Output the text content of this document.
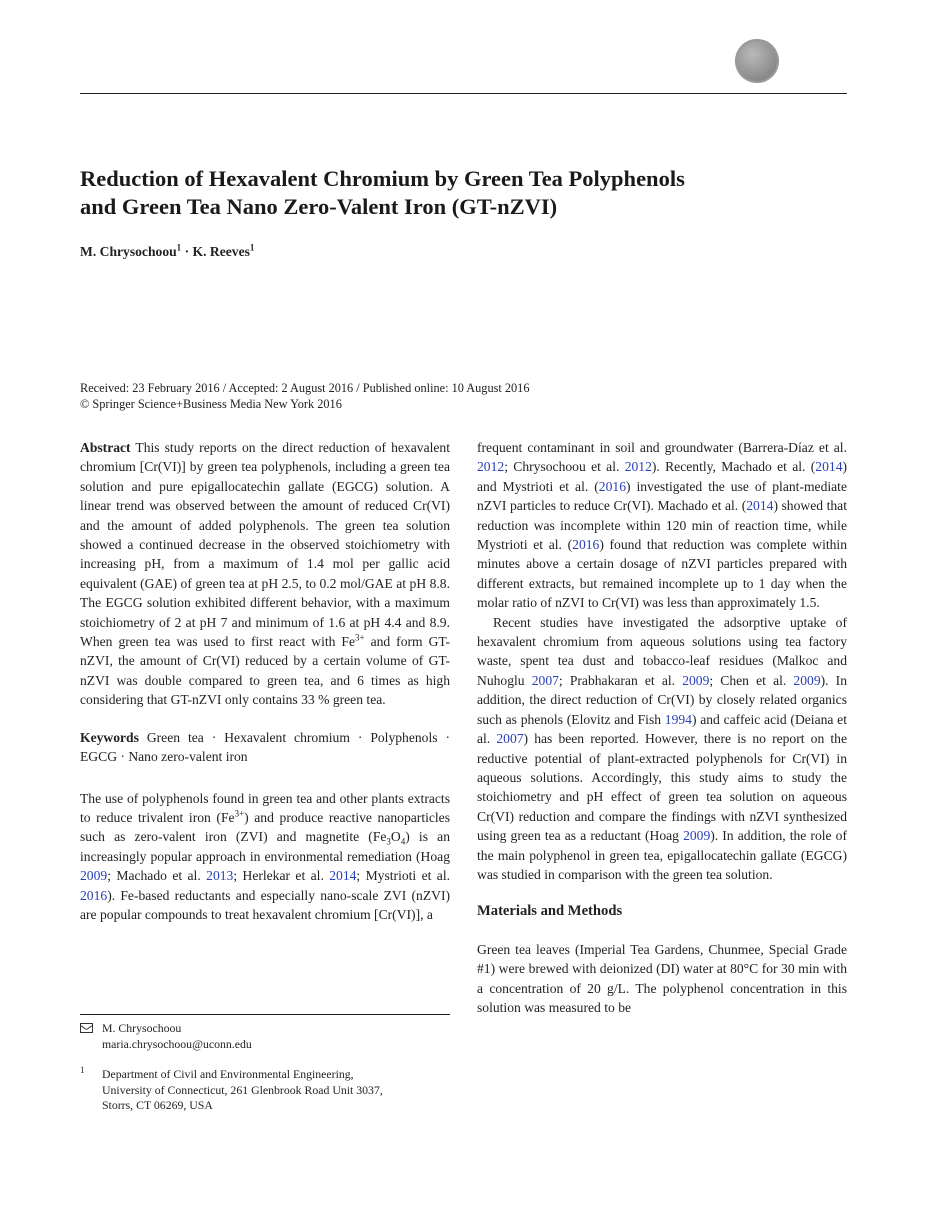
Reduction of Hexavalent Chromium by Green Tea Polyphenols
and Green Tea Nano Zero-Valent Iron (GT-nZVI)
M. Chrysochoou$^1$ · K. Reeves$^1$
Received: 23 February 2016 / Accepted: 2 August 2016 / Published online: 10 August 2016
© Springer Science+Business Media New York 2016

Abstract This study reports on the direct reduction of hexavalent chromium [Cr(VI)] by green tea polyphenols, including a green tea solution and pure epigallocatechin gallate (EGCG) solution. A linear trend was observed between the amount of reduced Cr(VI) and the amount of added polyphenols. The green tea solution showed a continued decrease in the observed stoichiometry with increasing pH, from a maximum of 1.4 mol per gallic acid equivalent (GAE) of green tea at pH 2.5, to 0.2 mol/GAE at pH 8.8. The EGCG solution exhibited different behavior, with a maximum stoichiometry of 2 at pH 7 and minimum of 1.6 at pH 4.4 and 8.9. When green tea was used to first react with $Fe^{3+}$ and form GT-nZVI, the amount of Cr(VI) reduced by a certain volume of GT-nZVI was double compared to green tea, and 6 times as high considering that GT-nZVI only contains 33 % green tea.

Keywords Green tea · Hexavalent chromium · Polyphenols · EGCG · Nano zero-valent iron

The use of polyphenols found in green tea and other plants extracts to reduce trivalent iron $(Fe^{3+})$ and produce reactive nanoparticles such as zero-valent iron (ZVI) and magnetite $(Fe_3O_4)$ is an increasingly popular approach in environmental remediation (Hoag 2009; Machado et al. 2013; Herlekar et al. 2014; Mystrioti et al. 2016). Fe-based reductants and especially nano-scale ZVI (nZVI) are popular compounds to treat hexavalent chromium [Cr(VI)], a

frequent contaminant in soil and groundwater (Barrera-Díaz et al. 2012; Chrysochoou et al. 2012). Recently, Machado et al. (2014) and Mystrioti et al. (2016) investigated the use of plant-mediate nZVI particles to reduce Cr(VI). Machado et al. (2014) showed that reduction was incomplete within 120 min of reaction time, while Mystrioti et al. (2016) found that reduction was complete within minutes above a certain dosage of nZVI particles prepared with different extracts, but remained incomplete up to 1 day when the molar ratio of nZVI to Cr(VI) was less than approximately 1.5.

Recent studies have investigated the adsorptive uptake of hexavalent chromium from aqueous solutions using tea factory waste, spent tea dust and tobacco-leaf residues (Malkoc and Nuhoglu 2007; Prabhakaran et al. 2009; Chen et al. 2009). In addition, the direct reduction of Cr(VI) by closely related organics such as phenols (Elovitz and Fish 1994) and caffeic acid (Deiana et al. 2007) has been reported. However, there is no report on the reductive potential of plant-extracted polyphenols for Cr(VI) in aqueous solutions. Accordingly, this study aims to study the stoichiometry and pH effect of green tea solution on aqueous Cr(VI) reduction and compare the findings with nZVI synthesized using green tea as a reductant (Hoag 2009). In addition, the role of the main polyphenol in green tea, epigallocatechin gallate (EGCG) was studied in comparison with the green tea solution.

Materials and Methods

Green tea leaves (Imperial Tea Gardens, Chunmee, Special Grade #1) were brewed with deionized (DI) water at 80°C for 30 min with a concentration of 20 g/L. The polyphenol concentration in this solution was measured to be

M. Chrysochoou
maria.chrysochoou@uconn.edu
$^1$ Department of Civil and Environmental Engineering,
University of Connecticut, 261 Glenbrook Road Unit 3037,
Storrs, CT 06269, USA
